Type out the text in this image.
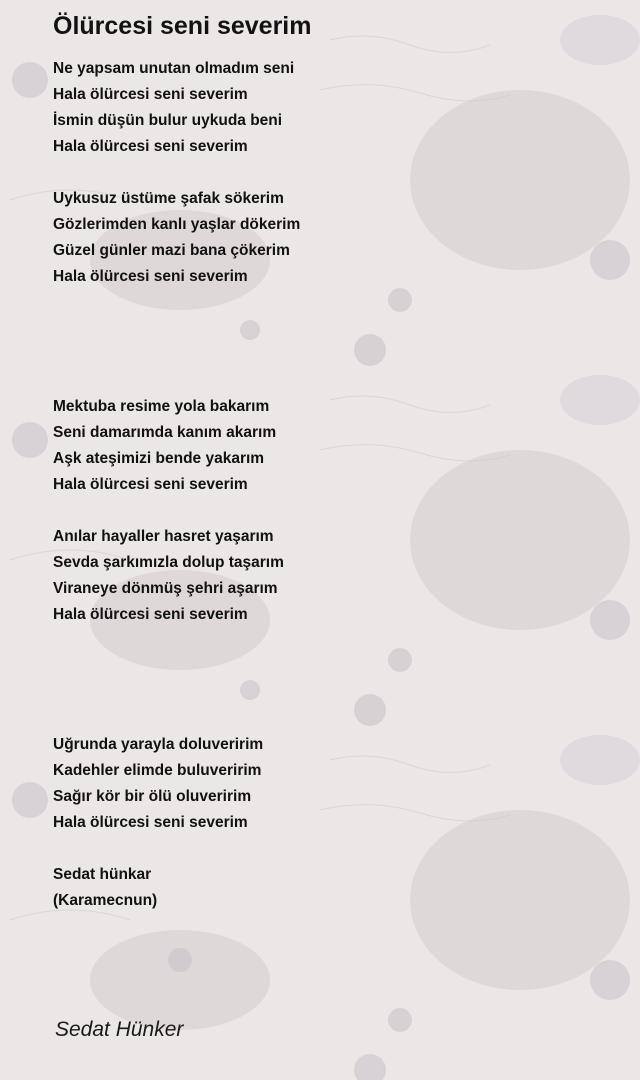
Ölürcesi seni severim
Ne yapsam unutan olmadım seni
Hala ölürcesi seni severim
İsmin düşün bulur uykuda beni
Hala ölürcesi seni severim
Uykusuz üstüme şafak sökerim
Gözlerimden kanlı yaşlar dökerim
Güzel günler mazi bana çökerim
Hala ölürcesi seni severim
Mektuba resime yola bakarım
Seni damarımda kanım akarım
Aşk ateşimizi bende yakarım
Hala ölürcesi seni severim
Anılar hayaller hasret yaşarım
Sevda şarkımızla dolup taşarım
Viraneye dönmüş şehri aşarım
Hala ölürcesi seni severim
Uğrunda yarayla doluveririm
Kadehler elimde buluveririm
Sağır kör bir ölü oluveririm
Hala ölürcesi seni severim
Sedat hünkar
(Karamecnun)
Sedat Hünker
